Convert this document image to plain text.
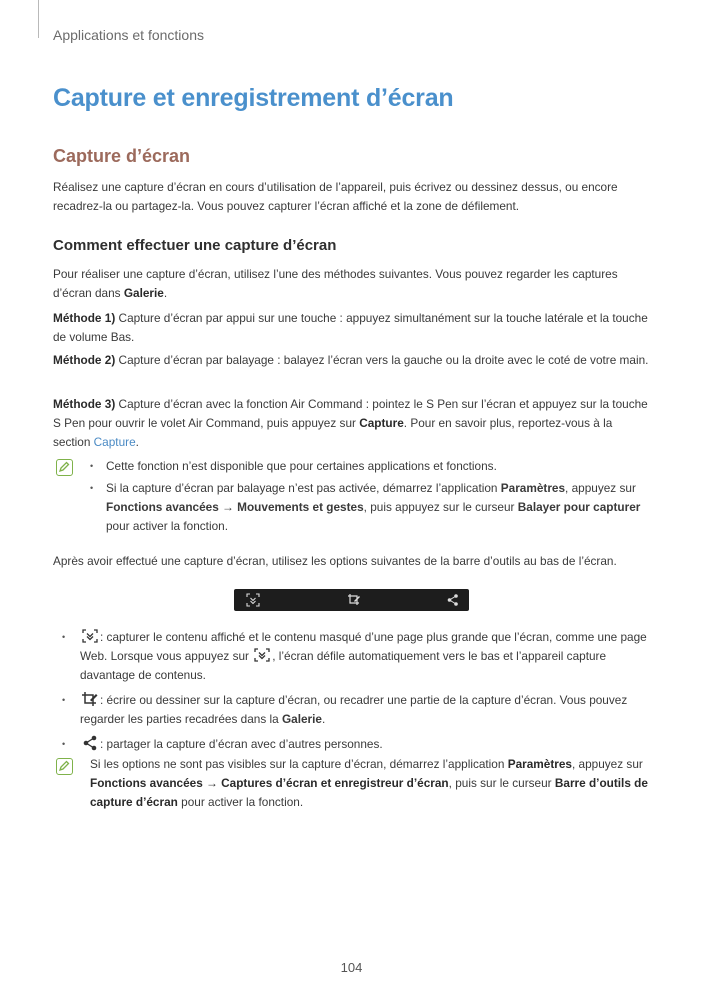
Applications et fonctions
Capture et enregistrement d’écran
Capture d’écran

Réalisez une capture d’écran en cours d’utilisation de l’appareil, puis écrivez ou dessinez dessus, ou encore recadrez-la ou partagez-la. Vous pouvez capturer l’écran affiché et la zone de défilement.

Comment effectuer une capture d’écran

Pour réaliser une capture d’écran, utilisez l’une des méthodes suivantes. Vous pouvez regarder les captures d’écran dans Galerie.

Méthode 1) Capture d’écran par appui sur une touche : appuyez simultanément sur la touche latérale et la touche de volume Bas.

Méthode 2) Capture d’écran par balayage : balayez l’écran vers la gauche ou la droite avec le coté de votre main.

Méthode 3) Capture d’écran avec la fonction Air Command : pointez le S Pen sur l’écran et appuyez sur la touche S Pen pour ouvrir le volet Air Command, puis appuyez sur Capture. Pour en savoir plus, reportez-vous à la section Capture.

• Cette fonction n’est disponible que pour certaines applications et fonctions.
• Si la capture d’écran par balayage n’est pas activée, démarrez l’application Paramètres, appuyez sur Fonctions avancées → Mouvements et gestes, puis appuyez sur le curseur Balayer pour capturer pour activer la fonction.

Après avoir effectué une capture d’écran, utilisez les options suivantes de la barre d’outils au bas de l’écran.

• : capturer le contenu affiché et le contenu masqué d’une page plus grande que l’écran, comme une page Web. Lorsque vous appuyez sur , l’écran défile automatiquement vers le bas et l’appareil capture davantage de contenus.
• : écrire ou dessiner sur la capture d’écran, ou recadrer une partie de la capture d’écran. Vous pouvez regarder les parties recadrées dans la Galerie.
• : partager la capture d’écran avec d’autres personnes.

Si les options ne sont pas visibles sur la capture d’écran, démarrez l’application Paramètres, appuyez sur Fonctions avancées → Captures d’écran et enregistreur d’écran, puis sur le curseur Barre d’outils de capture d’écran pour activer la fonction.

104
